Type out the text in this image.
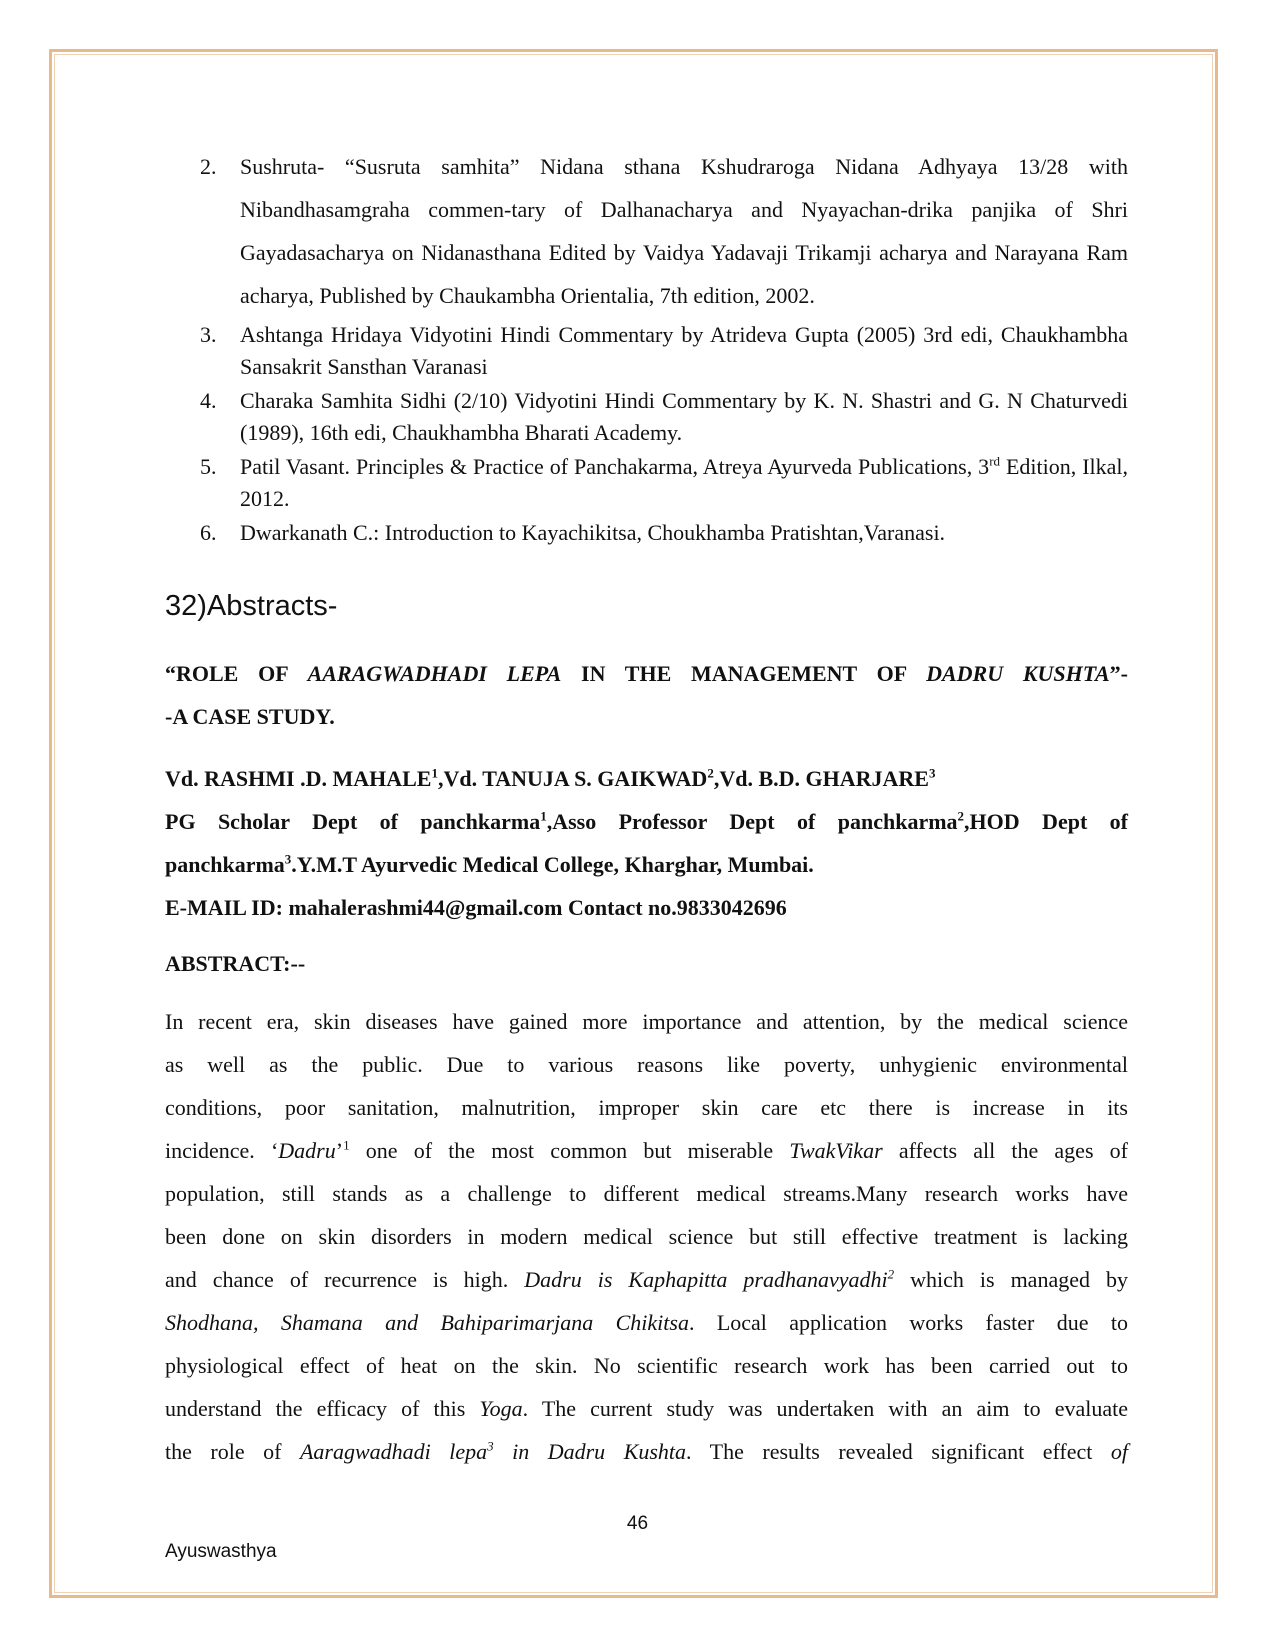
2.	Sushruta- “Susruta samhita” Nidana sthana Kshudraroga Nidana Adhyaya 13/28 with Nibandhasamgraha commen-tary of Dalhanacharya and Nyayachan-drika panjika of Shri Gayadasacharya on Nidanasthana Edited by Vaidya Yadavaji Trikamji acharya and Narayana Ram acharya, Published by Chaukambha Orientalia, 7th edition, 2002.
3.	Ashtanga Hridaya Vidyotini Hindi Commentary by Atrideva Gupta (2005) 3rd edi, Chaukhambha Sansakrit Sansthan Varanasi
4.	Charaka Samhita Sidhi (2/10) Vidyotini Hindi Commentary by K. N. Shastri and G. N Chaturvedi (1989), 16th edi, Chaukhambha Bharati Academy.
5.	Patil Vasant. Principles & Practice of Panchakarma, Atreya Ayurveda Publications, 3rd Edition, Ilkal, 2012.
6.	Dwarkanath C.: Introduction to Kayachikitsa, Choukhamba Pratishtan,Varanasi.
32)Abstracts-
“ROLE OF AARAGWADHADI LEPA IN THE MANAGEMENT OF DADRU KUSHTA”-
-A CASE STUDY.
Vd. RASHMI .D. MAHALE$^1$,Vd. TANUJA S. GAIKWAD$^2$,Vd. B.D. GHARJARE$^3$
PG Scholar Dept of panchkarma$^1$,Asso Professor Dept of panchkarma$^2$,HOD Dept of
panchkarma$^3$.Y.M.T Ayurvedic Medical College, Kharghar, Mumbai.
E-MAIL ID: mahalerashmi44@gmail.com Contact no.9833042696
ABSTRACT:--
In recent era, skin diseases have gained more importance and attention, by the medical science
as well as the public. Due to various reasons like poverty, unhygienic environmental
conditions, poor sanitation, malnutrition, improper skin care etc there is increase in its
incidence. ‘Dadru’$^1$ one of the most common but miserable TwakVikar affects all the ages of
population, still stands as a challenge to different medical streams.Many research works have
been done on skin disorders in modern medical science but still effective treatment is lacking
and chance of recurrence is high. Dadru is Kaphapitta pradhanavyadhi$^2$ which is managed by
Shodhana, Shamana and Bahiparimarjana Chikitsa. Local application works faster due to
physiological effect of heat on the skin. No scientific research work has been carried out to
understand the efficacy of this Yoga. The current study was undertaken with an aim to evaluate
the role of Aaragwadhadi lepa$^3$ in Dadru Kushta. The results revealed significant effect of
46
Ayuswasthya
